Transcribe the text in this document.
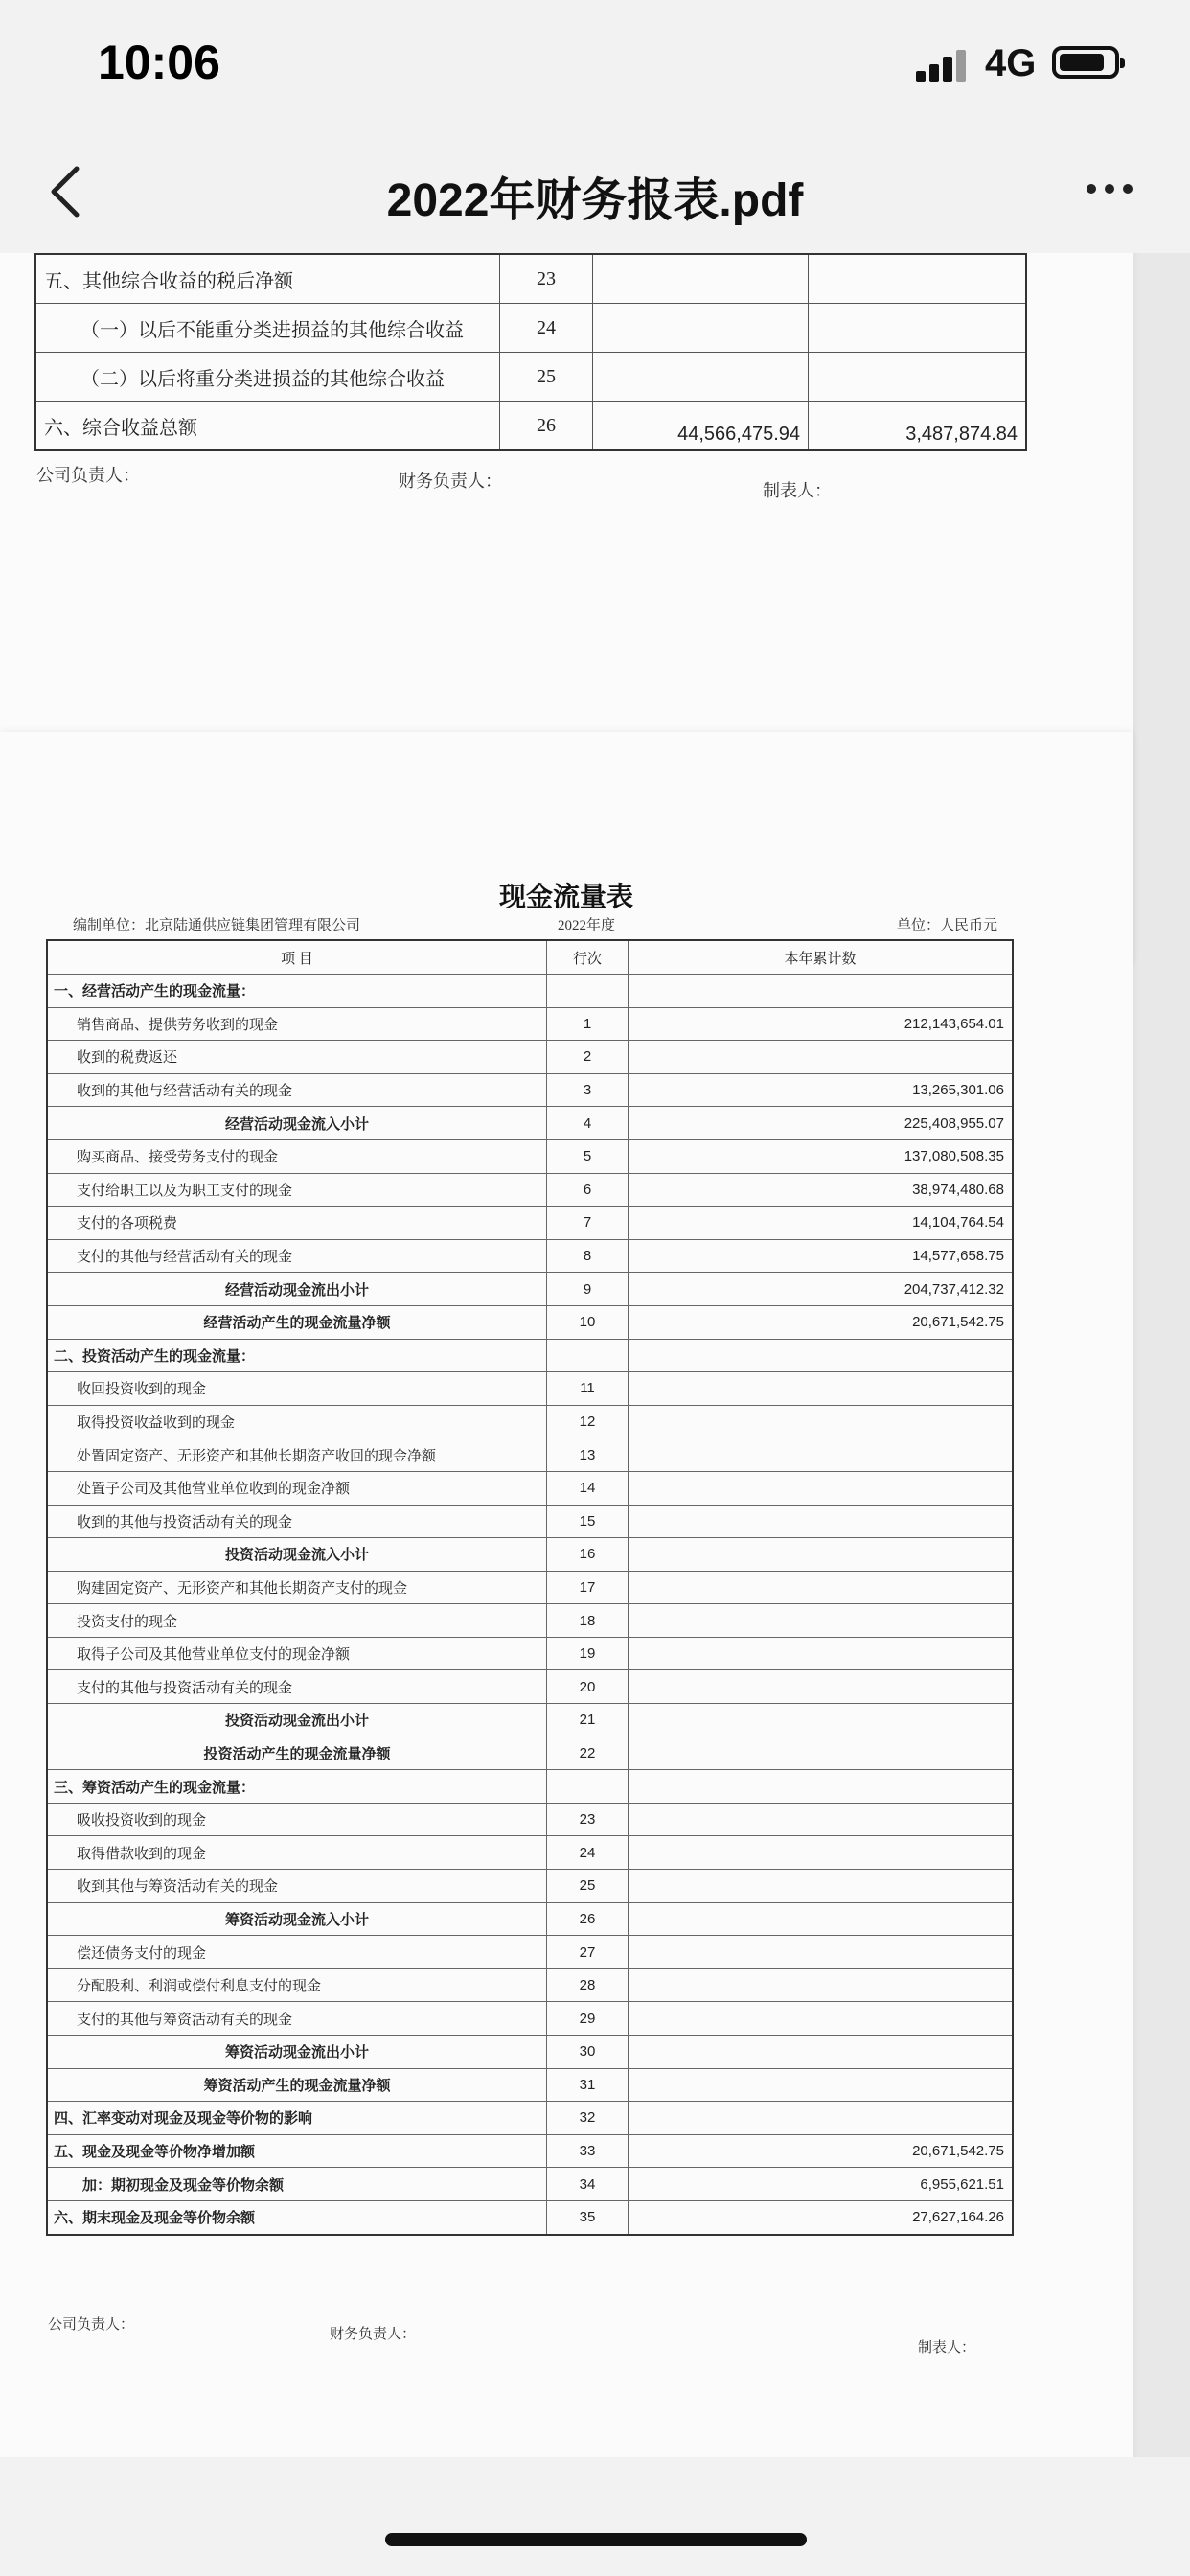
10:06	4G
2022年财务报表.pdf
五、其他综合收益的税后净额	23		
（一）以后不能重分类进损益的其他综合收益	24		
（二）以后将重分类进损益的其他综合收益	25		
六、综合收益总额	26	44,566,475.94	3,487,874.84
公司负责人：	财务负责人：	制表人：
现金流量表
编制单位：北京陆通供应链集团管理有限公司	2022年度	单位：人民币元
项 目	行次	本年累计数
一、经营活动产生的现金流量：		
销售商品、提供劳务收到的现金	1	212,143,654.01
收到的税费返还	2	
收到的其他与经营活动有关的现金	3	13,265,301.06
经营活动现金流入小计	4	225,408,955.07
购买商品、接受劳务支付的现金	5	137,080,508.35
支付给职工以及为职工支付的现金	6	38,974,480.68
支付的各项税费	7	14,104,764.54
支付的其他与经营活动有关的现金	8	14,577,658.75
经营活动现金流出小计	9	204,737,412.32
经营活动产生的现金流量净额	10	20,671,542.75
二、投资活动产生的现金流量：		
收回投资收到的现金	11	
取得投资收益收到的现金	12	
处置固定资产、无形资产和其他长期资产收回的现金净额	13	
处置子公司及其他营业单位收到的现金净额	14	
收到的其他与投资活动有关的现金	15	
投资活动现金流入小计	16	
购建固定资产、无形资产和其他长期资产支付的现金	17	
投资支付的现金	18	
取得子公司及其他营业单位支付的现金净额	19	
支付的其他与投资活动有关的现金	20	
投资活动现金流出小计	21	
投资活动产生的现金流量净额	22	
三、筹资活动产生的现金流量：		
吸收投资收到的现金	23	
取得借款收到的现金	24	
收到其他与筹资活动有关的现金	25	
筹资活动现金流入小计	26	
偿还债务支付的现金	27	
分配股利、利润或偿付利息支付的现金	28	
支付的其他与筹资活动有关的现金	29	
筹资活动现金流出小计	30	
筹资活动产生的现金流量净额	31	
四、汇率变动对现金及现金等价物的影响	32	
五、现金及现金等价物净增加额	33	20,671,542.75
加：期初现金及现金等价物余额	34	6,955,621.51
六、期末现金及现金等价物余额	35	27,627,164.26
公司负责人：
财务负责人：
制表人：
